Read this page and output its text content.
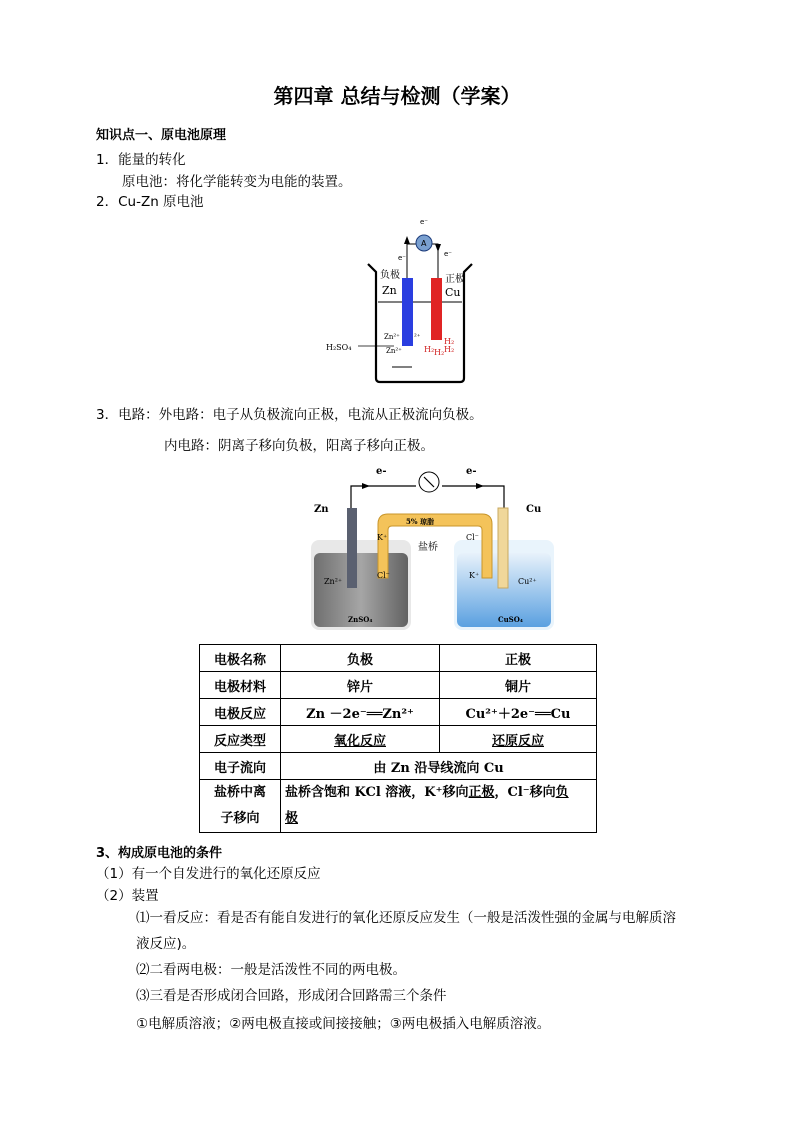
第四章 总结与检测（学案）
知识点一、原电池原理
1．能量的转化
原电池：将化学能转变为电能的装置。
2．Cu-Zn 原电池
A
e⁻
e⁻	e⁻
负极
Zn
正极
Cu
H₂SO₄
Zn²⁺
Zn²⁺
²⁺
H₂ H₂
H₂
H₂
3．电路：外电路：电子从负极流向正极，电流从正极流向负极。
内电路：阴离子移向负极，阳离子移向正极。
e-	e-
Zn	Cu
5% 琼脂
盐桥
K⁺
Cl⁻
Cl⁻
K⁺
Zn²⁺	Cu²⁺
ZnSO₄	CuSO₄
电极名称	负极	正极
电极材料	锌片	铜片
电极反应	Zn －2e⁻══Zn²⁺	Cu²⁺＋2e⁻══Cu
反应类型	氧化反应	还原反应
电子流向	由 Zn 沿导线流向 Cu	
盐桥中离
子移向	盐桥含饱和 KCl 溶液，K⁺移向正极，Cl⁻移向负
极	
3、构成原电池的条件
（1）有一个自发进行的氧化还原反应
（2）装置
⑴一看反应：看是否有能自发进行的氧化还原反应发生（一般是活泼性强的金属与电解质溶
液反应)。
⑵二看两电极：一般是活泼性不同的两电极。
⑶三看是否形成闭合回路，形成闭合回路需三个条件
①电解质溶液；②两电极直接或间接接触；③两电极插入电解质溶液。
